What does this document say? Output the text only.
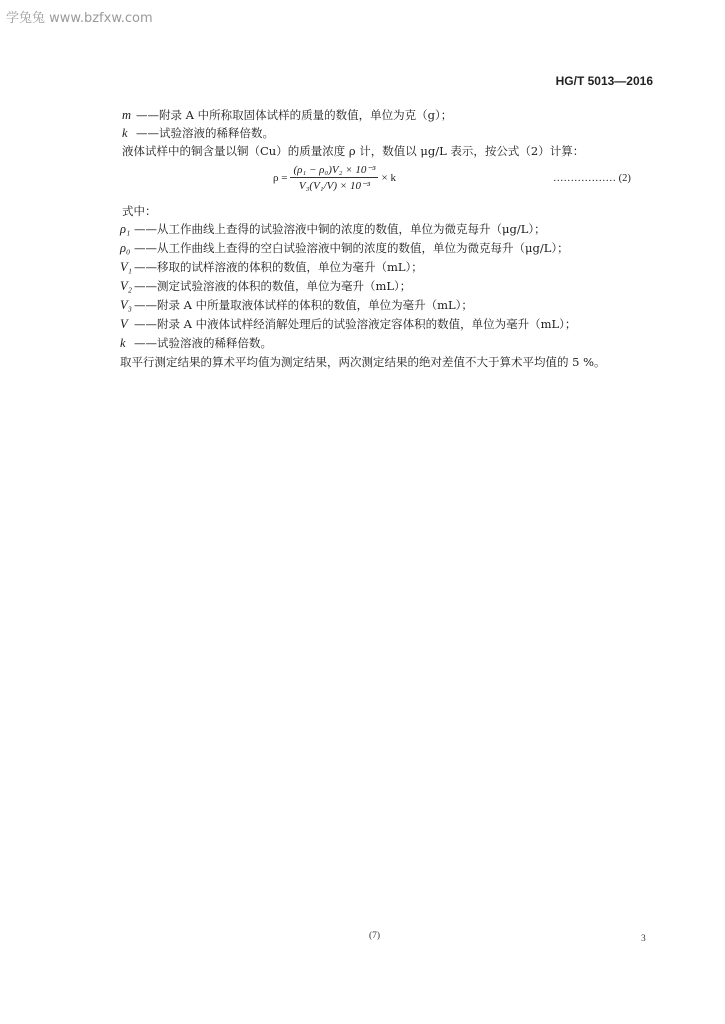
学兔兔 www.bzfxw.com
HG/T 5013—2016
m ——附录 A 中所称取固体试样的质量的数值，单位为克（g）；
k ——试验溶液的稀释倍数。
液体试样中的铜含量以铜（Cu）的质量浓度 ρ 计，数值以 μg/L 表示，按公式（2）计算：
$\rho = \frac{\text{(ρ₁ − ρ₀)V₂ × 10⁻³}}{\text{V₃(V₁/V) × 10⁻³}} \times k$	……………… (2)
式中：
ρ₁ ——从工作曲线上查得的试验溶液中铜的浓度的数值，单位为微克每升（μg/L）；
ρ₀ ——从工作曲线上查得的空白试验溶液中铜的浓度的数值，单位为微克每升（μg/L）；
V₁ ——移取的试样溶液的体积的数值，单位为毫升（mL）；
V₂ ——测定试验溶液的体积的数值，单位为毫升（mL）；
V₃ ——附录 A 中所量取液体试样的体积的数值，单位为毫升（mL）；
V ——附录 A 中液体试样经消解处理后的试验溶液定容体积的数值，单位为毫升（mL）；
k ——试验溶液的稀释倍数。
取平行测定结果的算术平均值为测定结果，两次测定结果的绝对差值不大于算术平均值的 5 %。
(7)	3
